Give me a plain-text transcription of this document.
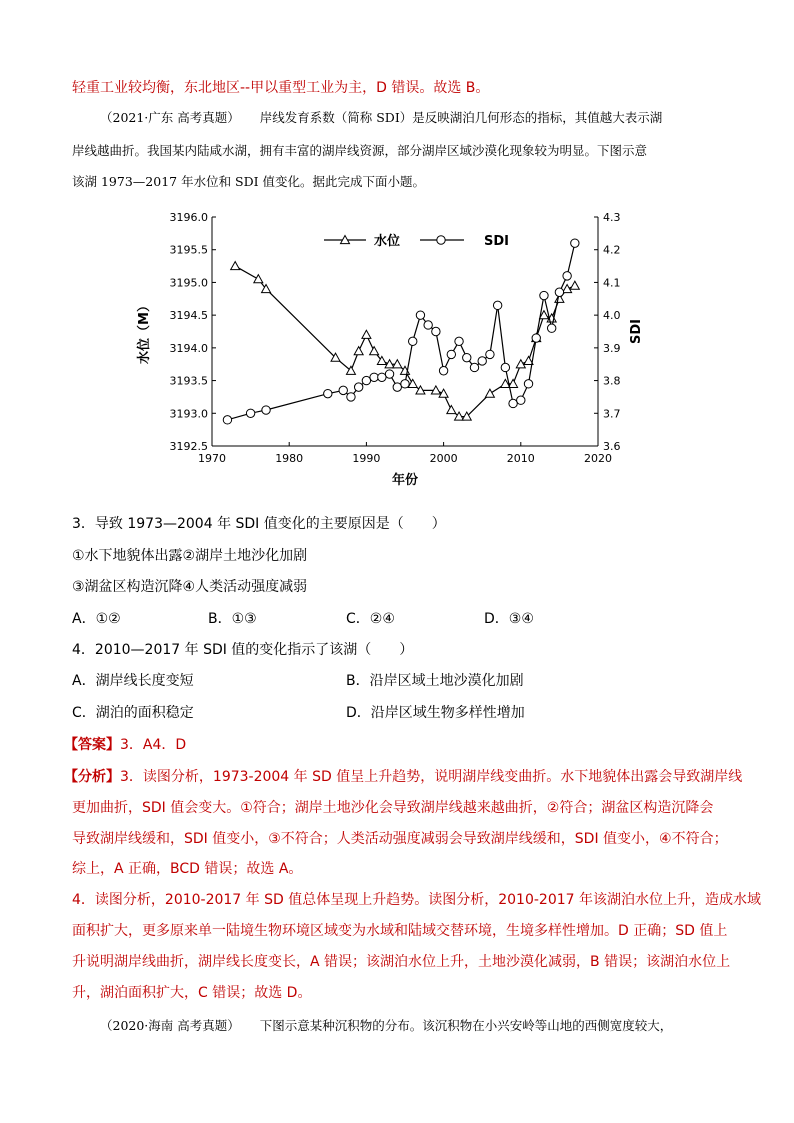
轻重工业较均衡，东北地区--甲以重型工业为主，D 错误。故选 B。
（2021·广东 高考真题） 岸线发育系数（简称 SDI）是反映湖泊几何形态的指标，其值越大表示湖
岸线越曲折。我国某内陆咸水湖，拥有丰富的湖岸线资源，部分湖岸区域沙漠化现象较为明显。下图示意
该湖 1973—2017 年水位和 SDI 值变化。据此完成下面小题。
1970	1980	1990	2000	2010	2020
3192.5
3193.0
3193.5
3194.0
3194.5
3195.0
3195.5
3196.0
3.6
3.7
3.8
3.9
4.0
4.1
4.2
4.3
年份
水位（M）	SDI
水位	SDI
3．导致 1973—2004 年 SDI 值变化的主要原因是（　　）
①水下地貌体出露②湖岸土地沙化加剧
③湖盆区构造沉降④人类活动强度减弱
A．①②	B．①③	C．②④	D．③④
4．2010—2017 年 SDI 值的变化指示了该湖（　　）
A．湖岸线长度变短	B．沿岸区域土地沙漠化加剧
C．湖泊的面积稳定	D．沿岸区域生物多样性增加
【答案】3．A4．D
【分析】3．读图分析，1973-2004 年 SD 值呈上升趋势，说明湖岸线变曲折。水下地貌体出露会导致湖岸线
更加曲折，SDI 值会变大。①符合；湖岸土地沙化会导致湖岸线越来越曲折，②符合；湖盆区构造沉降会
导致湖岸线缓和，SDI 值变小，③不符合；人类活动强度减弱会导致湖岸线缓和，SDI 值变小，④不符合；
综上，A 正确，BCD 错误；故选 A。
4．读图分析，2010-2017 年 SD 值总体呈现上升趋势。读图分析，2010-2017 年该湖泊水位上升，造成水域
面积扩大，更多原来单一陆境生物环境区域变为水域和陆域交替环境，生境多样性增加。D 正确；SD 值上
升说明湖岸线曲折，湖岸线长度变长，A 错误；该湖泊水位上升，土地沙漠化减弱，B 错误；该湖泊水位上
升，湖泊面积扩大，C 错误；故选 D。
（2020·海南 高考真题） 下图示意某种沉积物的分布。该沉积物在小兴安岭等山地的西侧宽度较大，
